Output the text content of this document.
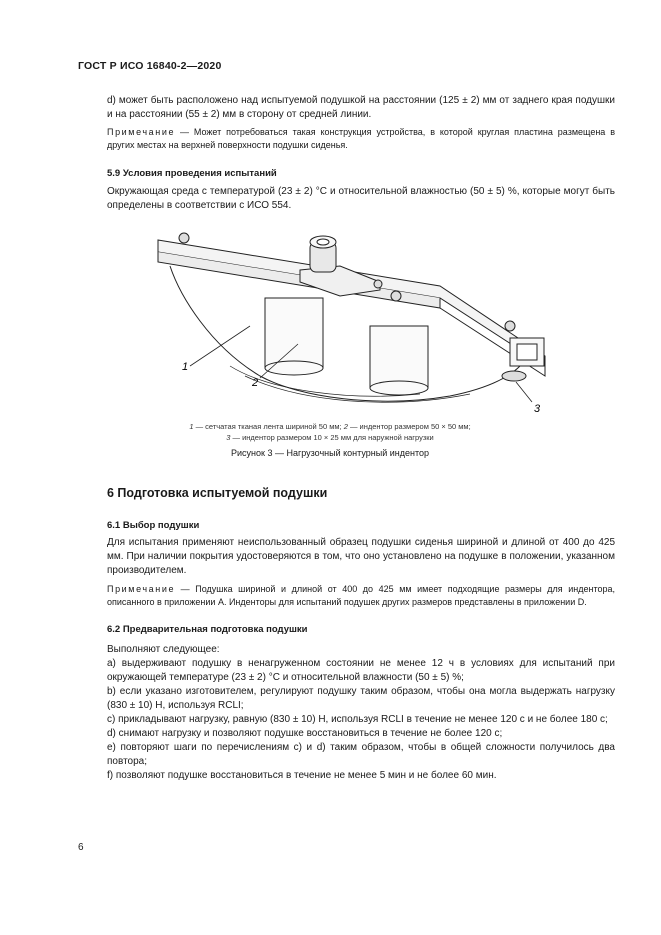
ГОСТ Р ИСО 16840-2—2020
d) может быть расположено над испытуемой подушкой на расстоянии (125 ± 2) мм от заднего края подушки и на расстоянии (55 ± 2) мм в сторону от средней линии.
Примечание — Может потребоваться такая конструкция устройства, в которой круглая пластина размещена в других местах на верхней поверхности подушки сиденья.
5.9 Условия проведения испытаний
Окружающая среда с температурой (23 ± 2) °С и относительной влажностью (50 ± 5) %, которые могут быть определены в соответствии с ИСО 554.
1
2
3
1 — сетчатая тканая лента шириной 50 мм; 2 — индентор размером 50 × 50 мм;
3 — индентор размером 10 × 25 мм для наружной нагрузки
Рисунок 3 — Нагрузочный контурный индентор
6 Подготовка испытуемой подушки
6.1 Выбор подушки
Для испытания применяют неиспользованный образец подушки сиденья шириной и длиной от 400 до 425 мм. При наличии покрытия удостоверяются в том, что оно установлено на подушке в положении, указанном производителем.
Примечание — Подушка шириной и длиной от 400 до 425 мм имеет подходящие размеры для индентора, описанного в приложении А. Инденторы для испытаний подушек других размеров представлены в приложении D.
6.2 Предварительная подготовка подушки
Выполняют следующее:
а) выдерживают подушку в ненагруженном состоянии не менее 12 ч в условиях для испытаний при окружающей температуре (23 ± 2) °С и относительной влажности (50 ± 5) %;
b) если указано изготовителем, регулируют подушку таким образом, чтобы она могла выдержать нагрузку (830 ± 10) Н, используя RCLI;
c) прикладывают нагрузку, равную (830 ± 10) Н, используя RCLI в течение не менее 120 с и не более 180 с;
d) снимают нагрузку и позволяют подушке восстановиться в течение не более 120 с;
e) повторяют шаги по перечислениям c) и d) таким образом, чтобы в общей сложности получилось два повтора;
f) позволяют подушке восстановиться в течение не менее 5 мин и не более 60 мин.
6
